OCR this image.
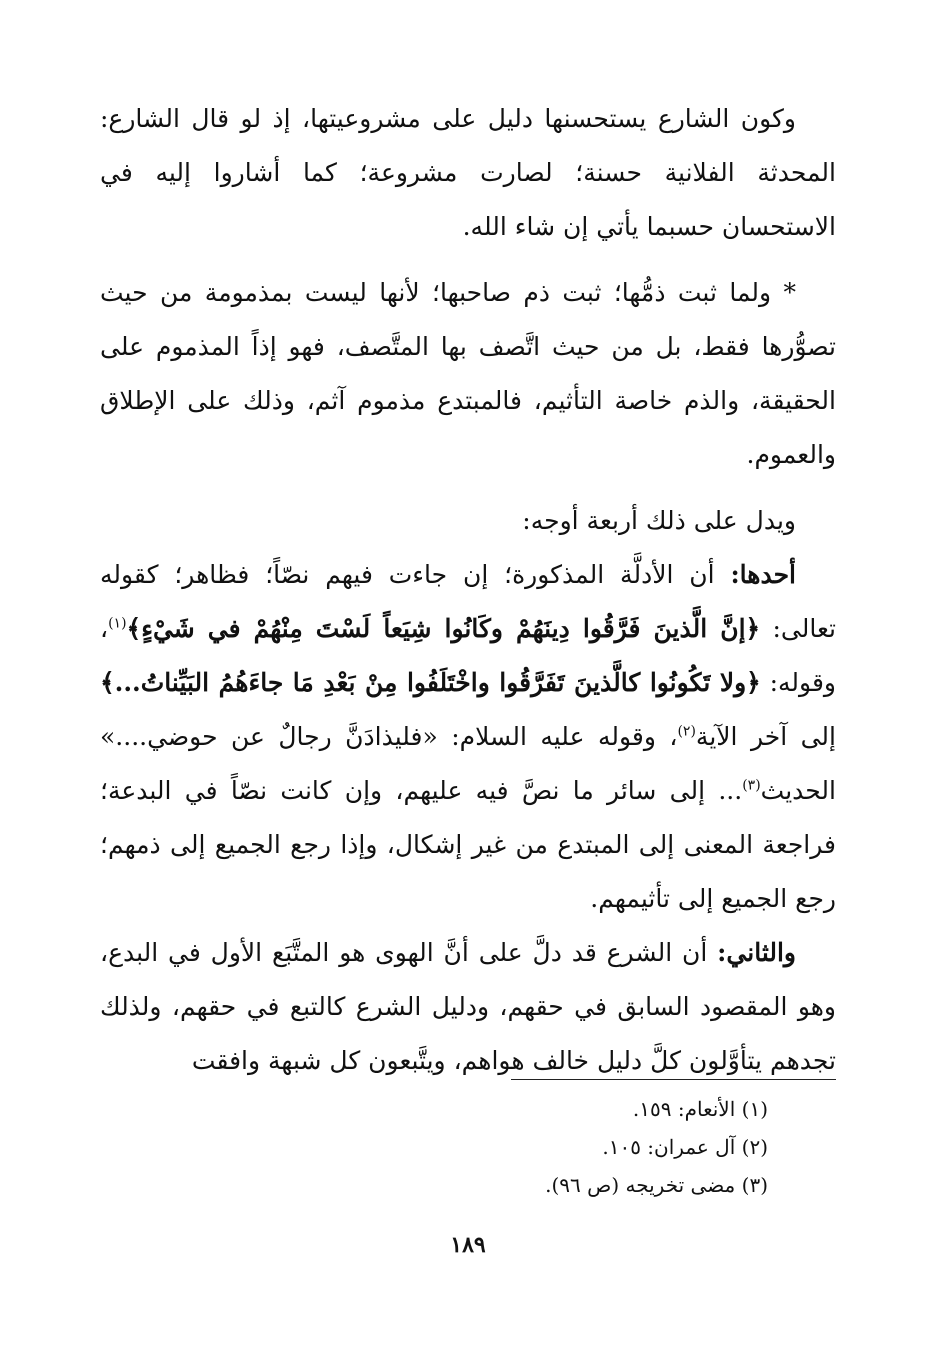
وكون الشارع يستحسنها دليل على مشروعيتها، إذ لو قال الشارع: المحدثة الفلانية حسنة؛ لصارت مشروعة؛ كما أشاروا إليه في الاستحسان حسبما يأتي إن شاء الله.

* ولما ثبت ذمُّها؛ ثبت ذم صاحبها؛ لأنها ليست بمذمومة من حيث تصوُّرها فقط، بل من حيث اتَّصف بها المتَّصف، فهو إذاً المذموم على الحقيقة، والذم خاصة التأثيم، فالمبتدع مذموم آثم، وذلك على الإطلاق والعموم.

ويدل على ذلك أربعة أوجه:

أحدها: أن الأدلَّة المذكورة؛ إن جاءت فيهم نصّاً؛ فظاهر؛ كقوله تعالى: ﴿إنَّ الَّذينَ فَرَّقُوا دِينَهُمْ وكَانُوا شِيَعاً لَسْتَ مِنْهُمْ في شَيْءٍ﴾$^{(١)}$، وقوله: ﴿ولا تَكُونُوا كالَّذينَ تَفَرَّقُوا واخْتَلَفُوا مِنْ بَعْدِ مَا جاءَهُمُ البَيِّناتُ...﴾ إلى آخر الآية$^{(٢)}$، وقوله عليه السلام: «فليذادَنَّ رجالٌ عن حوضي....» الحديث$^{(٣)}$... إلى سائر ما نصَّ فيه عليهم، وإن كانت نصّاً في البدعة؛ فراجعة المعنى إلى المبتدع من غير إشكال، وإذا رجع الجميع إلى ذمهم؛ رجع الجميع إلى تأثيمهم.

والثاني: أن الشرع قد دلَّ على أنَّ الهوى هو المتَّبَع الأول في البدع، وهو المقصود السابق في حقهم، ودليل الشرع كالتبع في حقهم، ولذلك تجدهم يتأوَّلون كلَّ دليل خالف هواهم، ويتَّبعون كل شبهة وافقت

(١) الأنعام: ١٥٩.
(٢) آل عمران: ١٠٥.
(٣) مضى تخريجه (ص ٩٦).
١٨٩
